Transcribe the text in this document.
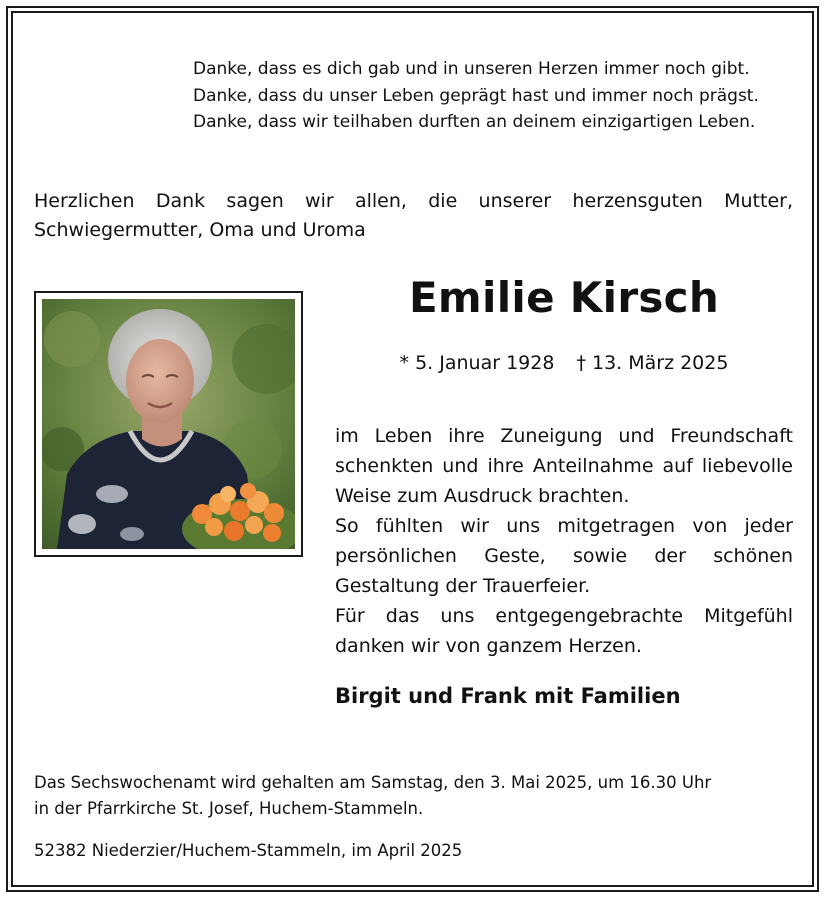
Danke, dass es dich gab und in unseren Herzen immer noch gibt.
Danke, dass du unser Leben geprägt hast und immer noch prägst.
Danke, dass wir teilhaben durften an deinem einzigartigen Leben.
Herzlichen Dank sagen wir allen, die unserer herzensguten Mutter, Schwiegermutter, Oma und Uroma
Emilie Kirsch
* 5. Januar 1928 † 13. März 2025

im Leben ihre Zuneigung und Freundschaft schenkten und ihre Anteilnahme auf liebevolle Weise zum Ausdruck brachten.

So fühlten wir uns mitgetragen von jeder persönlichen Geste, sowie der schönen Gestaltung der Trauerfeier.

Für das uns entgegengebrachte Mitgefühl danken wir von ganzem Herzen.

Birgit und Frank mit Familien
Das Sechswochenamt wird gehalten am Samstag, den 3. Mai 2025, um 16.30 Uhr
in der Pfarrkirche St. Josef, Huchem-Stammeln.
52382 Niederzier/Huchem-Stammeln, im April 2025
